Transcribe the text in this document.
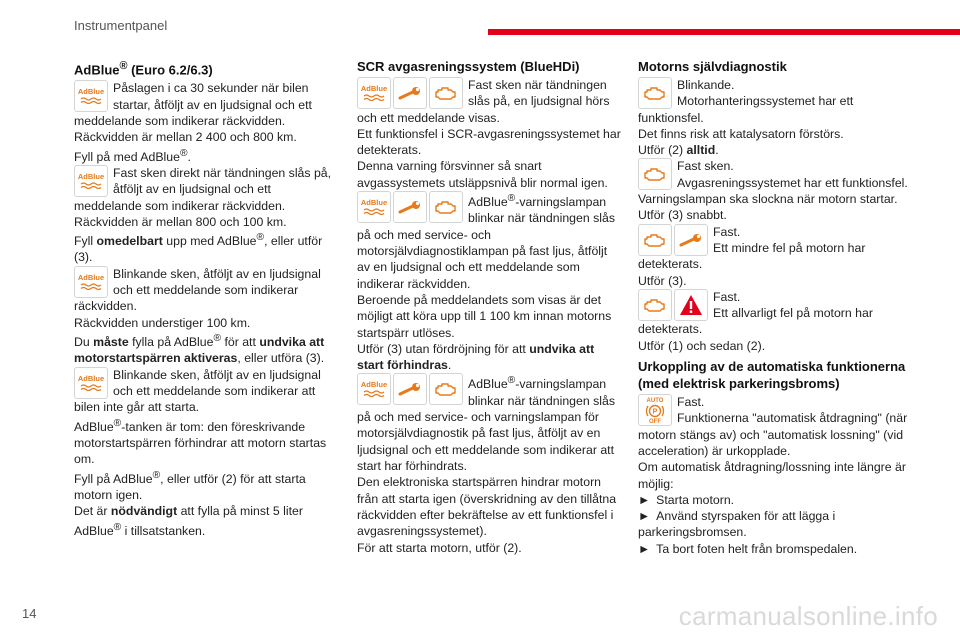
Instrumentpanel
AdBlue® (Euro 6.2/6.3)
AdBlue Påslagen i ca 30 sekunder när bilen startar, åtföljt av en ljudsignal och ett meddelande som indikerar räckvidden.

Räckvidden är mellan 2 400 och 800 km.

Fyll på med AdBlue®.

AdBlue Fast sken direkt när tändningen slås på, åtföljt av en ljudsignal och ett meddelande som indikerar räckvidden.

Räckvidden är mellan 800 och 100 km.

Fyll omedelbart upp med AdBlue®, eller utför (3).

AdBlue Blinkande sken, åtföljt av en ljudsignal och ett meddelande som indikerar räckvidden.

Räckvidden understiger 100 km.

Du måste fylla på AdBlue® för att undvika att motorstartspärren aktiveras, eller utföra (3).

AdBlue Blinkande sken, åtföljt av en ljudsignal och ett meddelande som indikerar att bilen inte går att starta.

AdBlue®-tanken är tom: den föreskrivande motorstartspärren förhindrar att motorn startas om.

Fyll på AdBlue®, eller utför (2) för att starta motorn igen.

Det är nödvändigt att fylla på minst 5 liter AdBlue® i tillsatstanken.

SCR avgasreningssystem (BlueHDi)
AdBlue	Fast sken när tändningen slås på, en ljudsignal hörs och ett meddelande visas.

Ett funktionsfel i SCR-avgasreningssystemet har detekterats.

Denna varning försvinner så snart avgassystemets utsläppsnivå blir normal igen.

AdBlue	AdBlue®-varningslampan blinkar när tändningen slås på och med service- och motorsjälvdiagnostiklampan på fast ljus, åtföljt av en ljudsignal och ett meddelande som indikerar räckvidden.

Beroende på meddelandets som visas är det möjligt att köra upp till 1 100 km innan motorns startspärr utlöses.

Utför (3) utan fördröjning för att undvika att start förhindras.

AdBlue	AdBlue®-varningslampan blinkar när tändningen slås på och med service- och varningslampan för motorsjälvdiagnostik på fast ljus, åtföljt av en ljudsignal och ett meddelande som indikerar att start har förhindrats.

Den elektroniska startspärren hindrar motorn från att starta igen (överskridning av den tillåtna räckvidden efter bekräftelse av ett funktionsfel i avgasreningssystemet).

För att starta motorn, utför (2).

Motorns självdiagnostik

Blinkande.

Motorhanteringssystemet har ett funktionsfel.

Det finns risk att katalysatorn förstörs.

Utför (2) alltid.

Fast sken.

Avgasreningssystemet har ett funktionsfel.

Varningslampan ska slockna när motorn startar.

Utför (3) snabbt.

Fast.

Ett mindre fel på motorn har detekterats.

Utför (3).

Fast.

Ett allvarligt fel på motorn har detekterats.

Utför (1) och sedan (2).

Urkoppling av de automatiska funktionerna (med elektrisk parkeringsbroms)
AUTO
P
OFF

Fast.

Funktionerna "automatisk åtdragning" (när motorn stängs av) och "automatisk lossning" (vid acceleration) är urkopplade.

Om automatisk åtdragning/lossning inte längre är möjlig:

► Starta motorn.

► Använd styrspaken för att lägga i parkeringsbromsen.

► Ta bort foten helt från bromspedalen.

14	carmanualsonline.info
